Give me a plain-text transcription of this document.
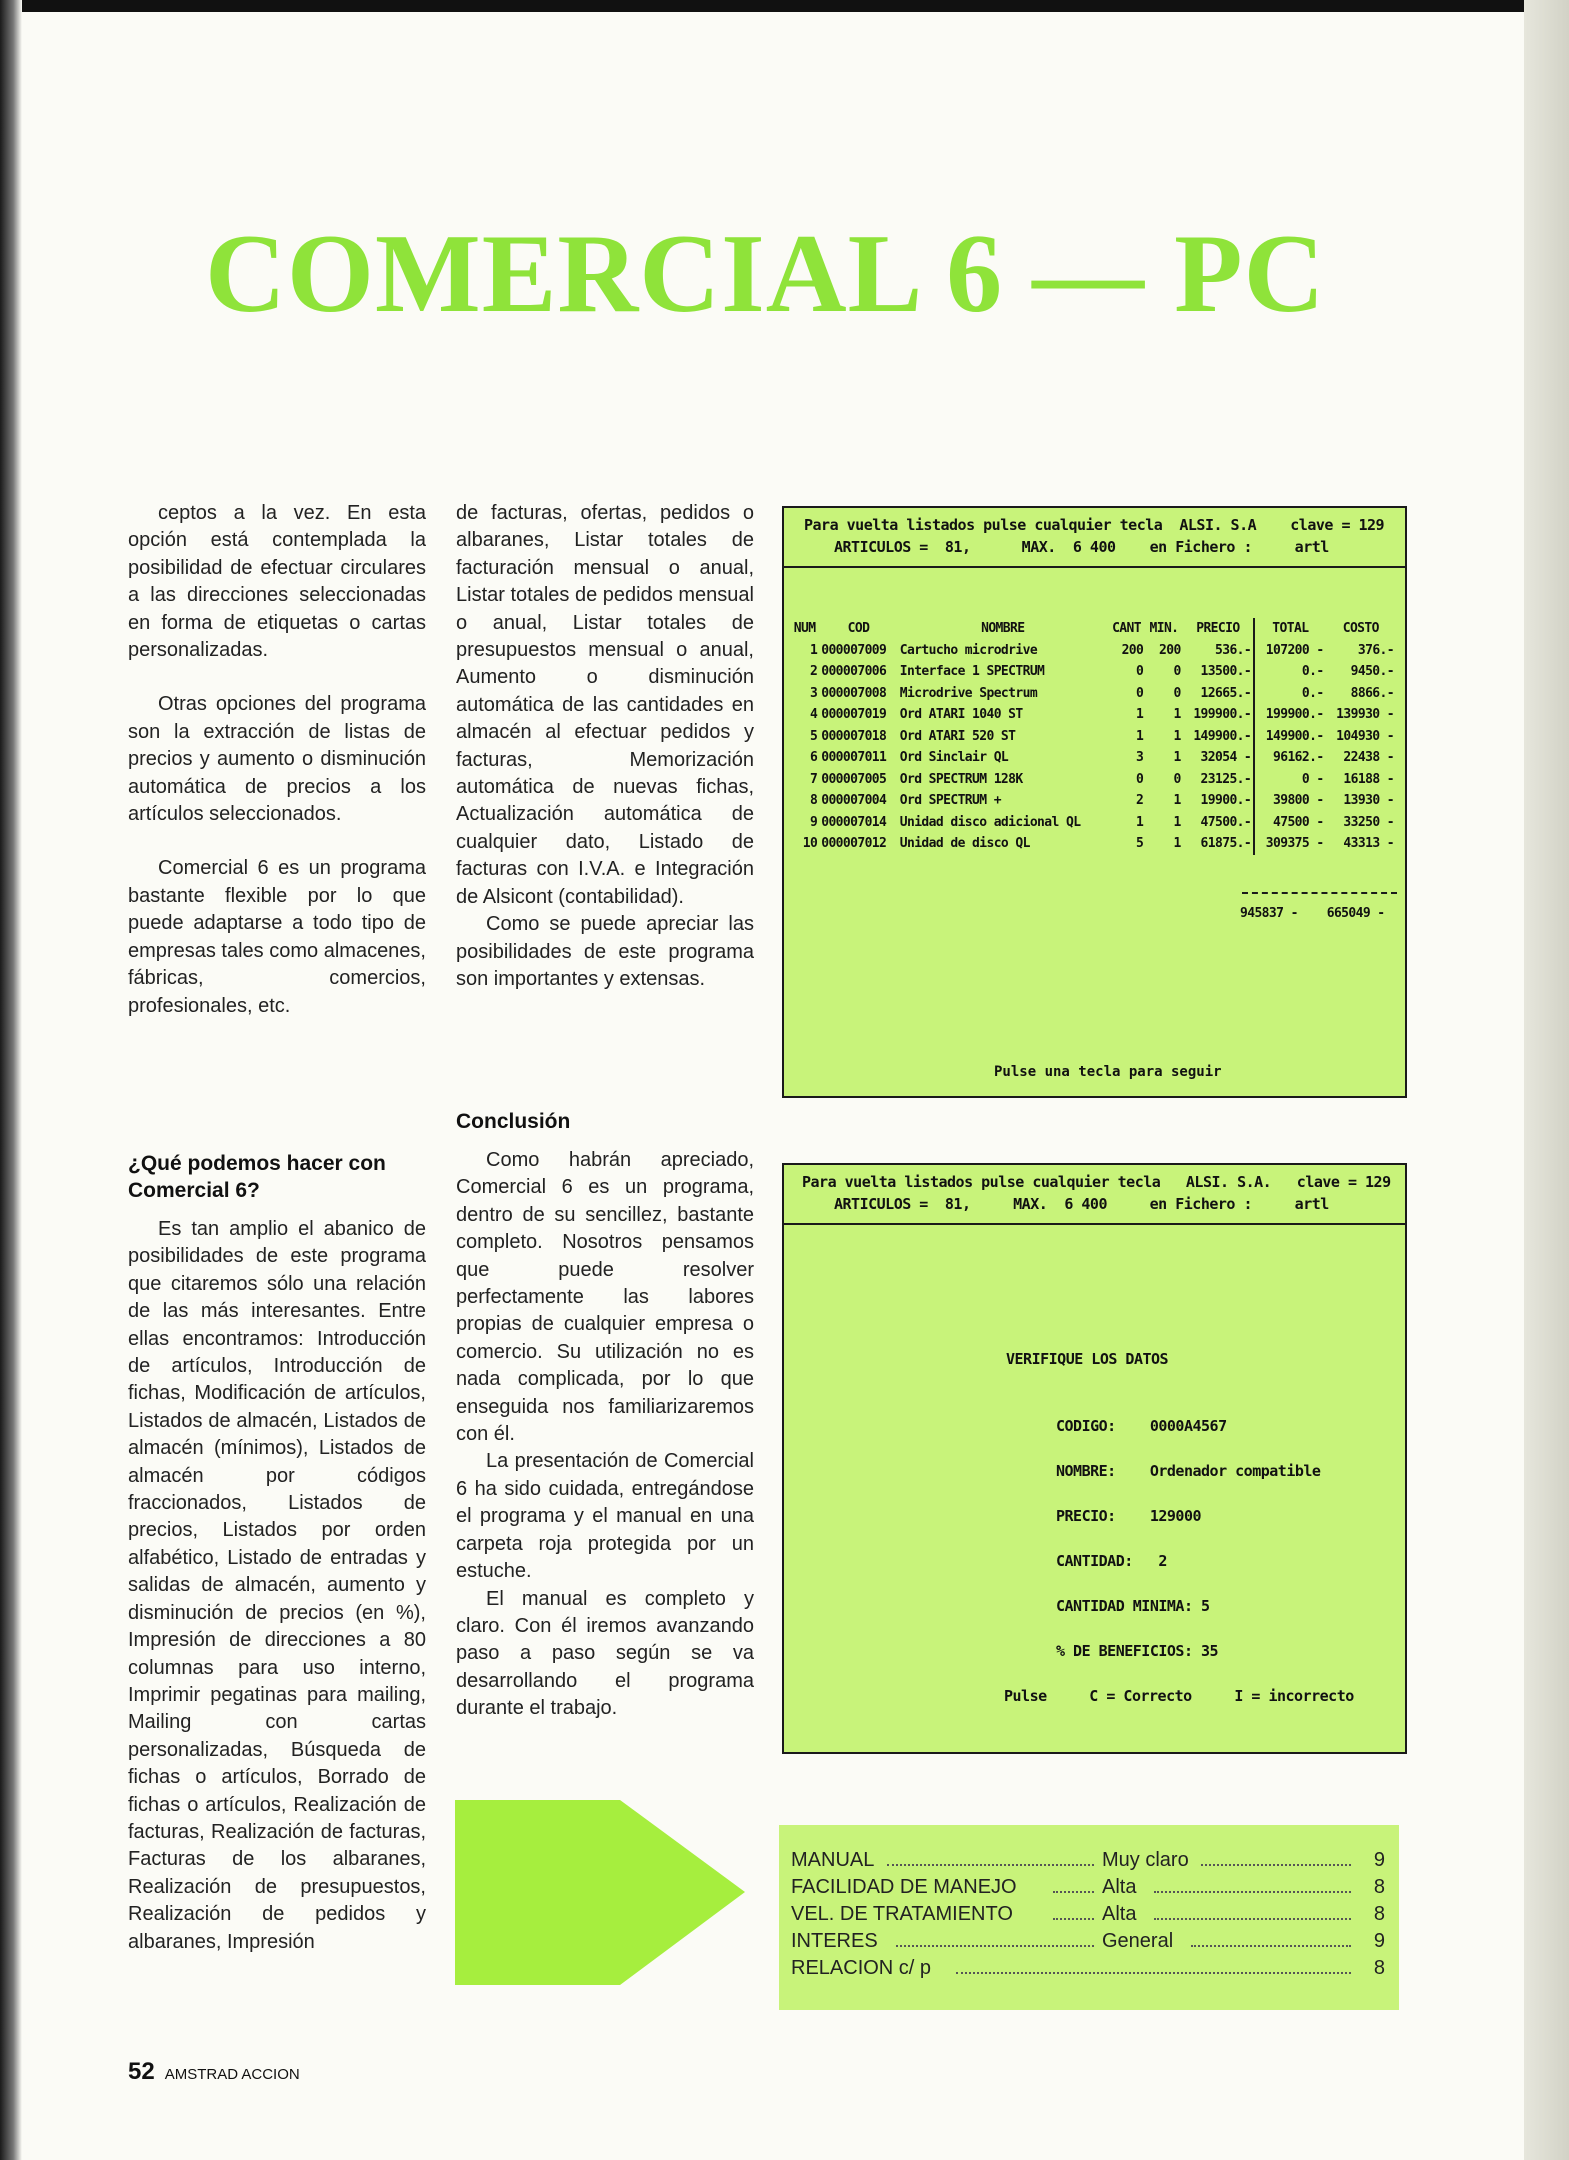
COMERCIAL 6 — PC

ceptos a la vez. En esta opción está contemplada la posibilidad de efectuar circulares a las direcciones seleccionadas en forma de etiquetas o cartas personalizadas.

Otras opciones del programa son la extracción de listas de precios y aumento o disminución automática de precios a los artículos seleccionados.

Comercial 6 es un programa bastante flexible por lo que puede adaptarse a todo tipo de empresas tales como almacenes, fábricas, comercios, profesionales, etc.

¿Qué podemos hacer con Comercial 6?

Es tan amplio el abanico de posibilidades de este programa que citaremos sólo una relación de las más interesantes. Entre ellas encontramos: Introducción de artículos, Introducción de fichas, Modificación de artículos, Listados de almacén, Listados de almacén (mínimos), Listados de almacén por códigos fraccionados, Listados de precios, Listados por orden alfabético, Listado de entradas y salidas de almacén, aumento y disminución de precios (en %), Impresión de direcciones a 80 columnas para uso interno, Imprimir pegatinas para mailing, Mailing con cartas personalizadas, Búsqueda de fichas o artículos, Borrado de fichas o artículos, Realización de facturas, Realización de facturas, Facturas de los albaranes, Realización de presupuestos, Realización de pedidos y albaranes, Impresión

de facturas, ofertas, pedidos o albaranes, Listar totales de facturación mensual o anual, Listar totales de pedidos mensual o anual, Listar totales de presupuestos mensual o anual, Aumento o disminución automática de las cantidades en almacén al efectuar pedidos y facturas, Memorización automática de nuevas fichas, Actualización automática de cualquier dato, Listado de facturas con I.V.A. e Integración de Alsicont (contabilidad).

Como se puede apreciar las posibilidades de este programa son importantes y extensas.

Conclusión

Como habrán apreciado, Comercial 6 es un programa, dentro de su sencillez, bastante completo. Nosotros pensamos que puede resolver perfectamente las labores propias de cualquier empresa o comercio. Su utilización no es nada complicada, por lo que enseguida nos familiarizaremos con él.

La presentación de Comercial 6 ha sido cuidada, entregándose el programa y el manual en una carpeta roja protegida por un estuche.

El manual es completo y claro. Con él iremos avanzando paso a paso según se va desarrollando el programa durante el trabajo.

Para vuelta listados pulse cualquier tecla  ALSI. S.A    clave = 129
ARTICULOS =  81,      MAX.  6 400    en Fichero :     artl
NUM	COD	NOMBRE	CANT	MIN.	PRECIO	TOTAL	COSTO
1	000007009	Cartucho microdrive	200	200	536.-	107200 -	376.-
2	000007006	Interface 1 SPECTRUM	0	0	13500.-	0.-	9450.-
3	000007008	Microdrive Spectrum	0	0	12665.-	0.-	8866.-
4	000007019	Ord ATARI 1040 ST	1	1	199900.-	199900.-	139930 -
5	000007018	Ord ATARI 520 ST	1	1	149900.-	149900.-	104930 -
6	000007011	Ord Sinclair QL	3	1	32054 -	96162.-	22438 -
7	000007005	Ord SPECTRUM 128K	0	0	23125.-	0 -	16188 -
8	000007004	Ord SPECTRUM +	2	1	19900.-	39800 -	13930 -
9	000007014	Unidad disco adicional QL	1	1	47500.-	47500 -	33250 -
10	000007012	Unidad de disco QL	5	1	61875.-	309375 -	43313 -
945837 -    665049 -
Pulse una tecla para seguir
Para vuelta listados pulse cualquier tecla   ALSI. S.A.   clave = 129
ARTICULOS =  81,     MAX.  6 400     en Fichero :     artl
VERIFIQUE LOS DATOS
CODIGO:    0000A4567
NOMBRE:    Ordenador compatible
PRECIO:    129000
CANTIDAD:   2
CANTIDAD MINIMA: 5
% DE BENEFICIOS: 35
Pulse     C = Correcto     I = incorrecto
MANUAL	Muy claro	9
FACILIDAD DE MANEJO	Alta	8
VEL. DE TRATAMIENTO	Alta	8
INTERES	General	9
RELACION c/ p	8
52 AMSTRAD ACCION
